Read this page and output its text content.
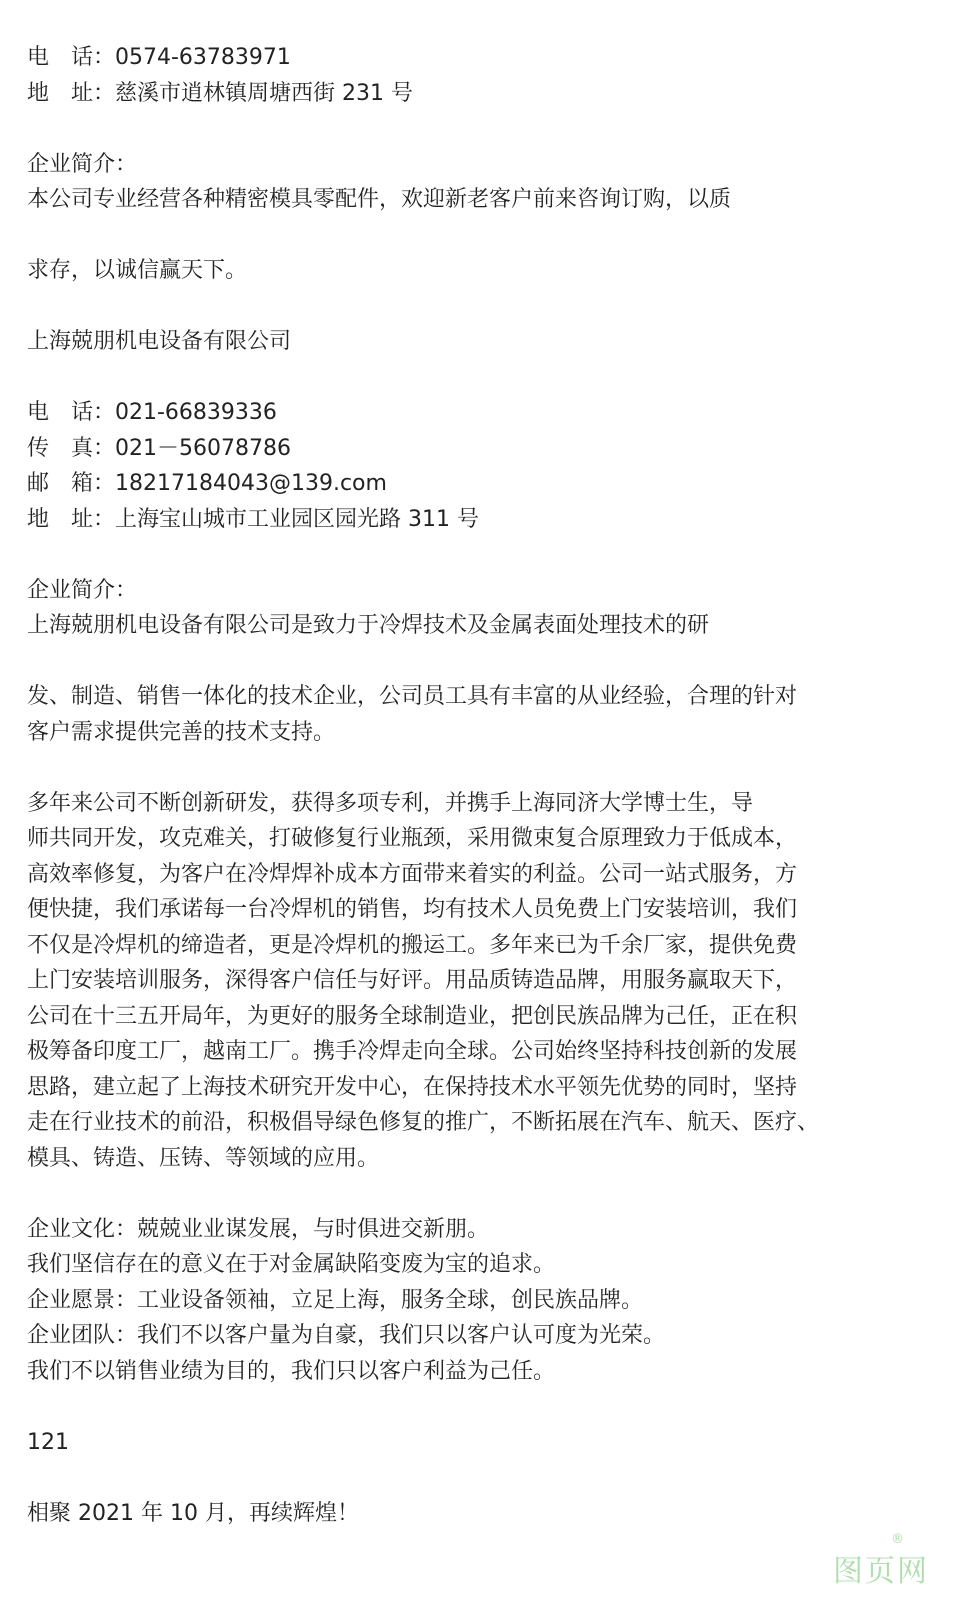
电　话：0574-63783971
地　址：慈溪市逍林镇周塘西街 231 号
企业简介：
本公司专业经营各种精密模具零配件，欢迎新老客户前来咨询订购，以质
求存，以诚信赢天下。
上海兢朋机电设备有限公司
电　话：021-66839336
传　真：021－56078786
邮　箱：18217184043@139.com
地　址：上海宝山城市工业园区园光路 311 号
企业简介：
上海兢朋机电设备有限公司是致力于冷焊技术及金属表面处理技术的研
发、制造、销售一体化的技术企业，公司员工具有丰富的从业经验，合理的针对
客户需求提供完善的技术支持。
多年来公司不断创新研发，获得多项专利，并携手上海同济大学博士生，导
师共同开发，攻克难关，打破修复行业瓶颈，采用微束复合原理致力于低成本，
高效率修复，为客户在冷焊焊补成本方面带来着实的利益。公司一站式服务，方
便快捷，我们承诺每一台冷焊机的销售，均有技术人员免费上门安装培训，我们
不仅是冷焊机的缔造者，更是冷焊机的搬运工。多年来已为千余厂家，提供免费
上门安装培训服务，深得客户信任与好评。用品质铸造品牌，用服务赢取天下，
公司在十三五开局年，为更好的服务全球制造业，把创民族品牌为己任，正在积
极筹备印度工厂，越南工厂。携手冷焊走向全球。公司始终坚持科技创新的发展
思路，建立起了上海技术研究开发中心，在保持技术水平领先优势的同时，坚持
走在行业技术的前沿，积极倡导绿色修复的推广，不断拓展在汽车、航天、医疗、
模具、铸造、压铸、等领域的应用。
企业文化：兢兢业业谋发展，与时俱进交新朋。
我们坚信存在的意义在于对金属缺陷变废为宝的追求。
企业愿景：工业设备领袖，立足上海，服务全球，创民族品牌。
企业团队：我们不以客户量为自豪，我们只以客户认可度为光荣。
我们不以销售业绩为目的，我们只以客户利益为己任。
121
相聚 2021 年 10 月，再续辉煌！
图页网
®
